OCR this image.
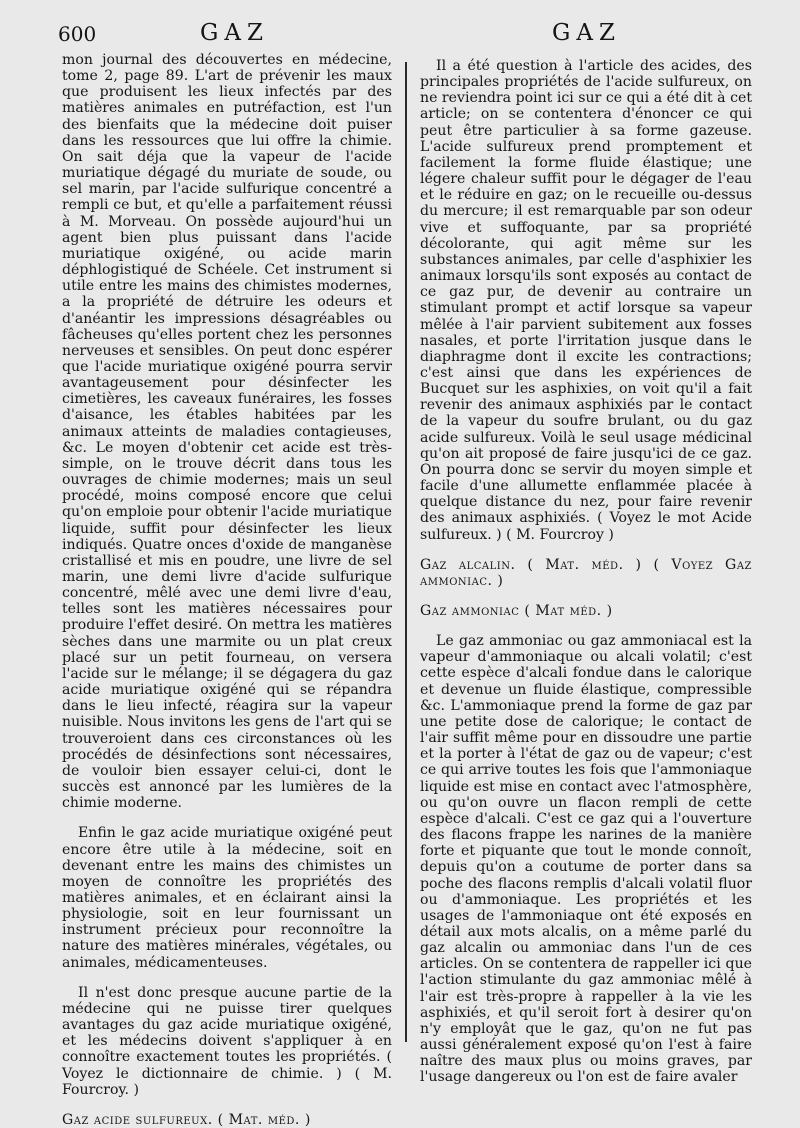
600	GAZ	GAZ

mon journal des découvertes en médecine, tome 2, page 89. L'art de prévenir les maux que produisent les lieux infectés par des matières animales en putréfaction, est l'un des bienfaits que la médecine doit puiser dans les ressources que lui offre la chimie. On sait déja que la vapeur de l'acide muriatique dégagé du muriate de soude, ou sel marin, par l'acide sulfurique concentré a rempli ce but, et qu'elle a parfaitement réussi à M. Morveau. On possède aujourd'hui un agent bien plus puissant dans l'acide muriatique oxigéné, ou acide marin déphlogistiqué de Schéele. Cet instrument si utile entre les mains des chimistes modernes, a la propriété de détruire les odeurs et d'anéantir les impressions désagréables ou fâcheuses qu'elles portent chez les personnes nerveuses et sensibles. On peut donc espérer que l'acide muriatique oxigéné pourra servir avantageusement pour désinfecter les cimetières, les caveaux funéraires, les fosses d'aisance, les étables habitées par les animaux atteints de maladies contagieuses, &c. Le moyen d'obtenir cet acide est très-simple, on le trouve décrit dans tous les ouvrages de chimie modernes; mais un seul procédé, moins composé encore que celui qu'on emploie pour obtenir l'acide muriatique liquide, suffit pour désinfecter les lieux indiqués. Quatre onces d'oxide de manganèse cristallisé et mis en poudre, une livre de sel marin, une demi livre d'acide sulfurique concentré, mêlé avec une demi livre d'eau, telles sont les matières nécessaires pour produire l'effet desiré. On mettra les matières sèches dans une marmite ou un plat creux placé sur un petit fourneau, on versera l'acide sur le mélange; il se dégagera du gaz acide muriatique oxigéné qui se répandra dans le lieu infecté, réagira sur la vapeur nuisible. Nous invitons les gens de l'art qui se trouveroient dans ces circonstances où les procédés de désinfections sont nécessaires, de vouloir bien essayer celui-ci, dont le succès est annoncé par les lumières de la chimie moderne.

Enfin le gaz acide muriatique oxigéné peut encore être utile à la médecine, soit en devenant entre les mains des chimistes un moyen de connoître les propriétés des matières animales, et en éclairant ainsi la physiologie, soit en leur fournissant un instrument précieux pour reconnoître la nature des matières minérales, végétales, ou animales, médicamenteuses.

Il n'est donc presque aucune partie de la médecine qui ne puisse tirer quelques avantages du gaz acide muriatique oxigéné, et les médecins doivent s'appliquer à en connoître exactement toutes les propriétés. ( Voyez le dictionnaire de chimie. ) ( M. Fourcroy. )

Gaz acide sulfureux. ( Mat. méd. )

Il a été question à l'article des acides, des principales propriétés de l'acide sulfureux, on ne reviendra point ici sur ce qui a été dit à cet article; on se contentera d'énoncer ce qui peut être particulier à sa forme gazeuse. L'acide sulfureux prend promptement et facilement la forme fluide élastique; une légere chaleur suffit pour le dégager de l'eau et le réduire en gaz; on le recueille ou-dessus du mercure; il est remarquable par son odeur vive et suffoquante, par sa propriété décolorante, qui agit même sur les substances animales, par celle d'asphixier les animaux lorsqu'ils sont exposés au contact de ce gaz pur, de devenir au contraire un stimulant prompt et actif lorsque sa vapeur mêlée à l'air parvient subitement aux fosses nasales, et porte l'irritation jusque dans le diaphragme dont il excite les contractions; c'est ainsi que dans les expériences de Bucquet sur les asphixies, on voit qu'il a fait revenir des animaux asphixiés par le contact de la vapeur du soufre brulant, ou du gaz acide sulfureux. Voilà le seul usage médicinal qu'on ait proposé de faire jusqu'ici de ce gaz. On pourra donc se servir du moyen simple et facile d'une allumette enflammée placée à quelque distance du nez, pour faire revenir des animaux asphixiés. ( Voyez le mot Acide sulfureux. ) ( M. Fourcroy )

Gaz alcalin. ( Mat. méd. ) ( Voyez Gaz ammoniac. )

Gaz ammoniac ( Mat méd. )

Le gaz ammoniac ou gaz ammoniacal est la vapeur d'ammoniaque ou alcali volatil; c'est cette espèce d'alcali fondue dans le calorique et devenue un fluide élastique, compressible &c. L'ammoniaque prend la forme de gaz par une petite dose de calorique; le contact de l'air suffit même pour en dissoudre une partie et la porter à l'état de gaz ou de vapeur; c'est ce qui arrive toutes les fois que l'ammoniaque liquide est mise en contact avec l'atmosphère, ou qu'on ouvre un flacon rempli de cette espèce d'alcali. C'est ce gaz qui a l'ouverture des flacons frappe les narines de la manière forte et piquante que tout le monde connoît, depuis qu'on a coutume de porter dans sa poche des flacons remplis d'alcali volatil fluor ou d'ammoniaque. Les propriétés et les usages de l'ammoniaque ont été exposés en détail aux mots alcalis, on a même parlé du gaz alcalin ou ammoniac dans l'un de ces articles. On se contentera de rappeller ici que l'action stimulante du gaz ammoniac mêlé à l'air est très-propre à rappeller à la vie les asphixiés, et qu'il seroit fort à desirer qu'on n'y employât que le gaz, qu'on ne fut pas aussi généralement exposé qu'on l'est à faire naître des maux plus ou moins graves, par l'usage dangereux ou l'on est de faire avaler
